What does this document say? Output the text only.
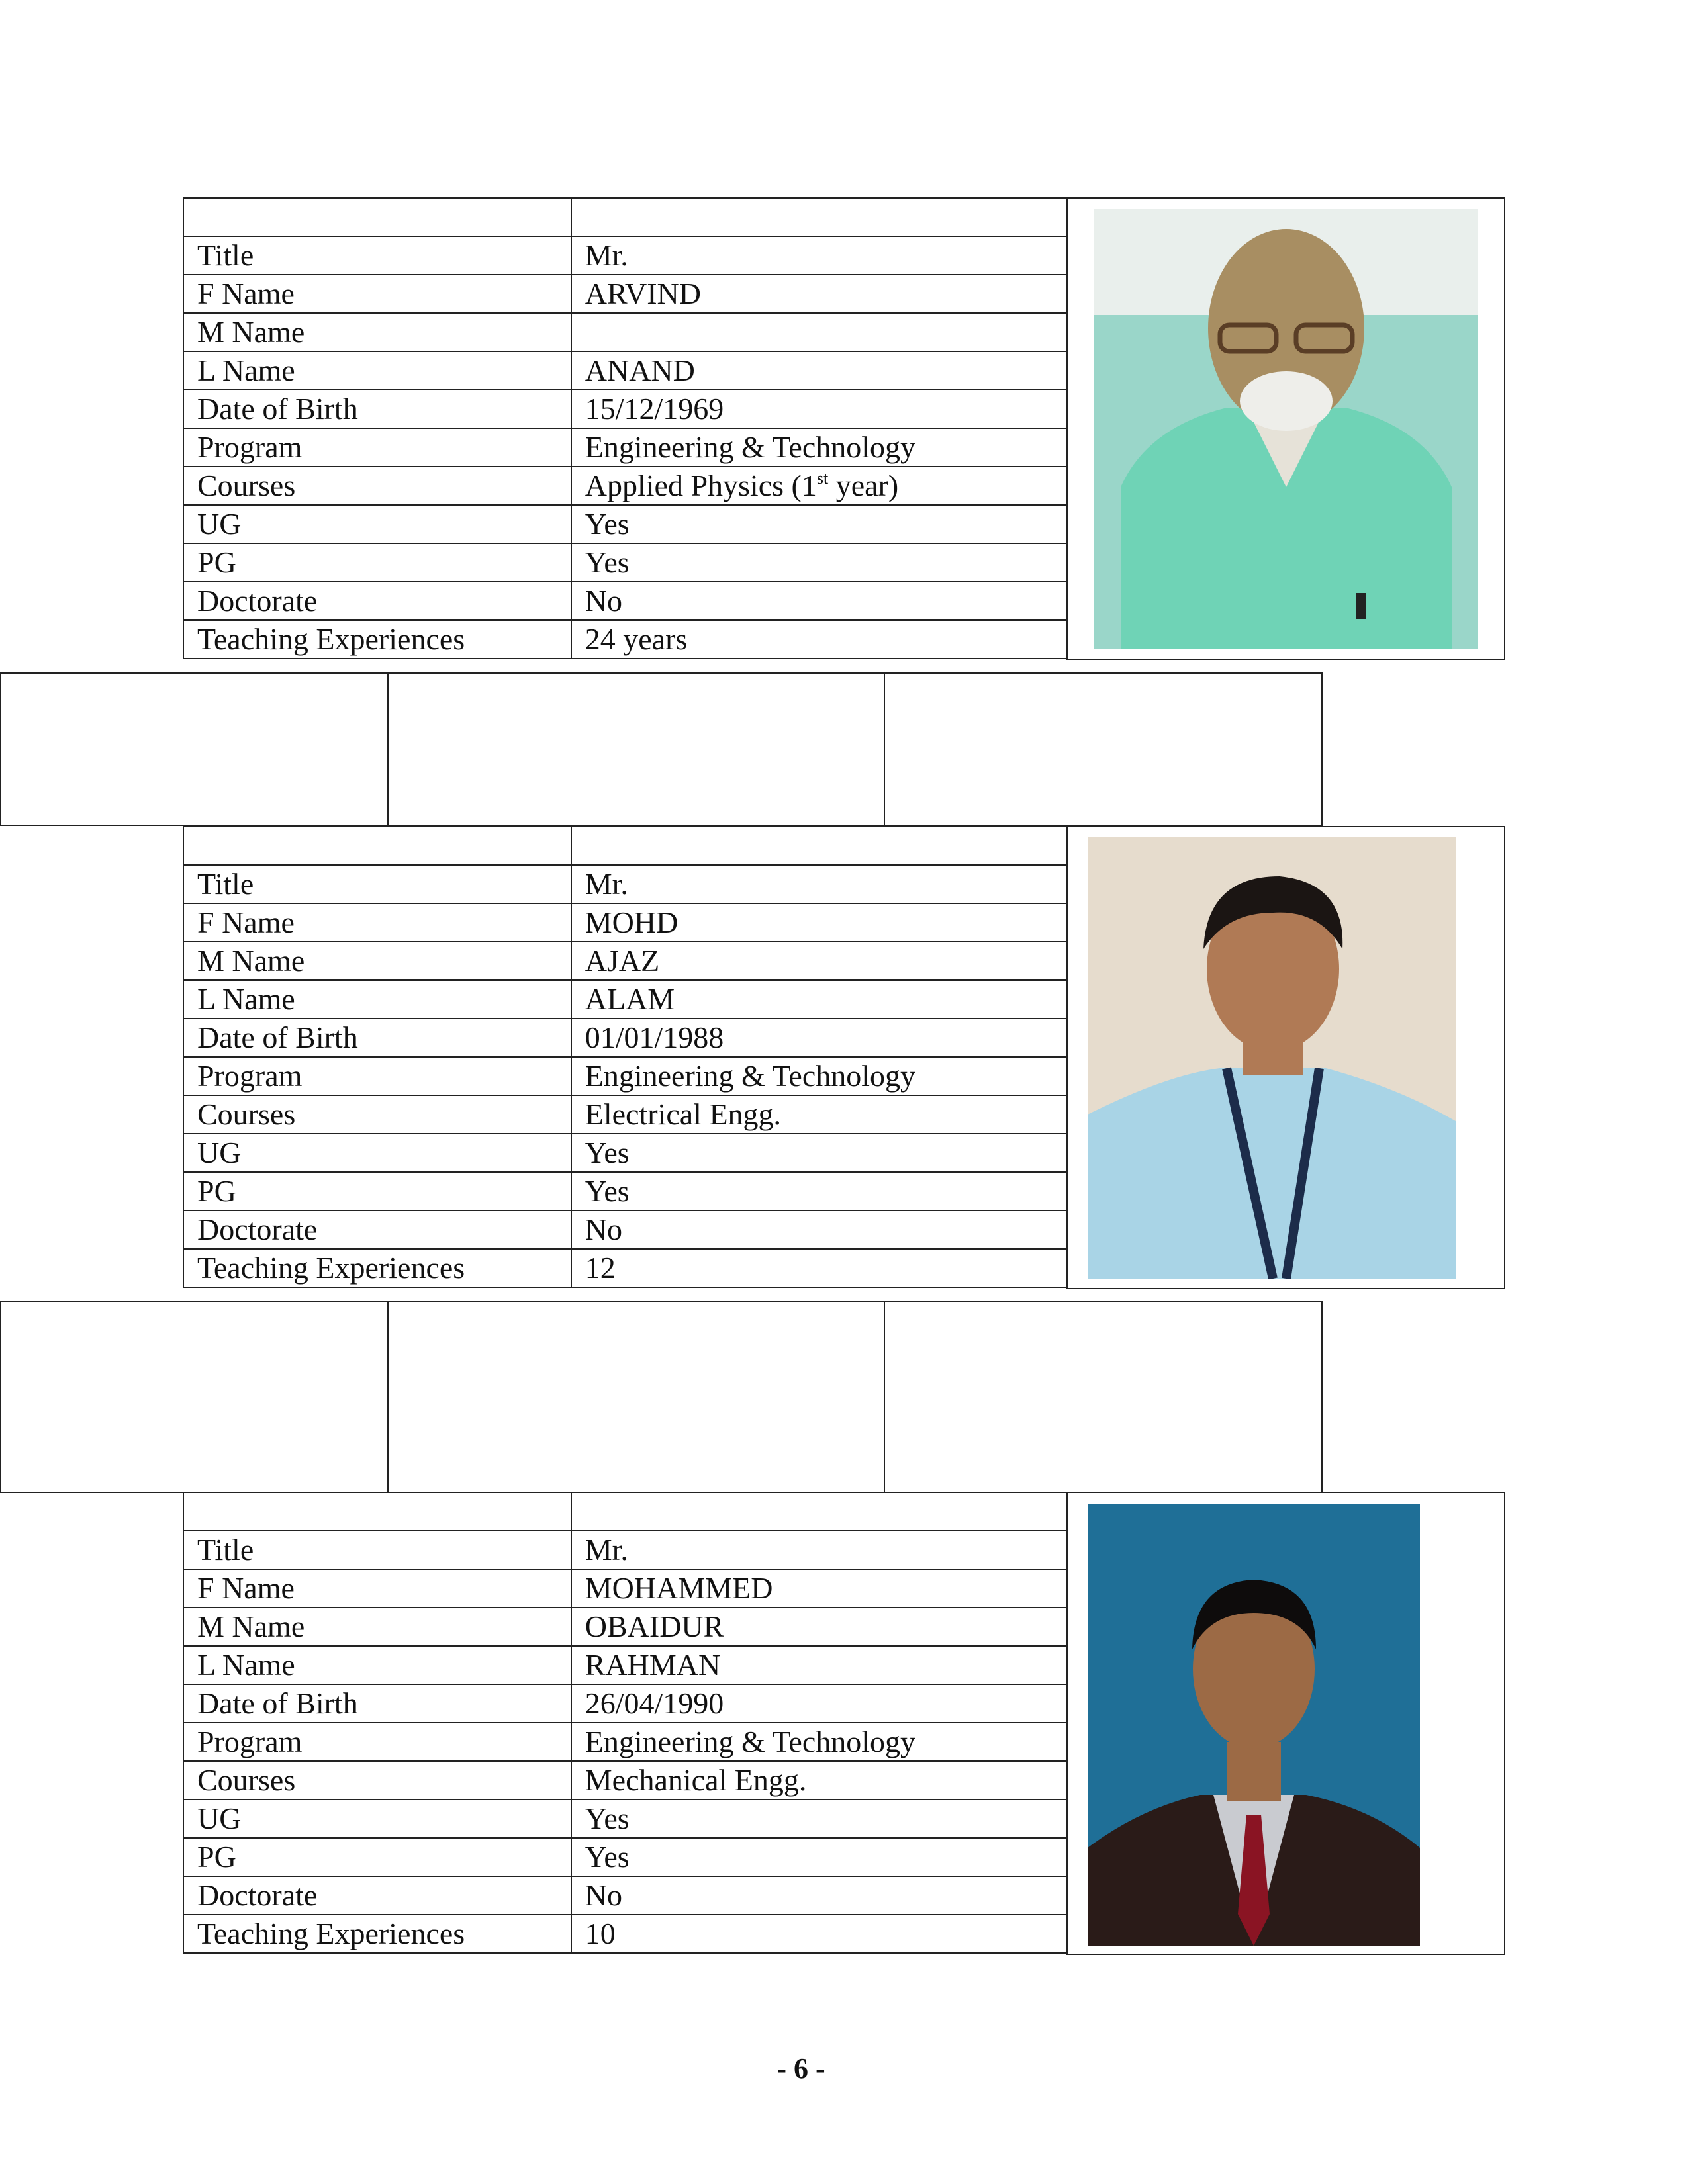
Title	Mr.
F Name	ARVIND
M Name	
L Name	ANAND
Date of Birth	15/12/1969
Program	Engineering & Technology
Courses	Applied Physics (1st year)
UG	Yes
PG	Yes
Doctorate	No
Teaching Experiences	24 years

Title	Mr.
F Name	MOHD
M Name	AJAZ
L Name	ALAM
Date of Birth	01/01/1988
Program	Engineering & Technology
Courses	Electrical Engg.
UG	Yes
PG	Yes
Doctorate	No
Teaching Experiences	12

Title	Mr.
F Name	MOHAMMED
M Name	OBAIDUR
L Name	RAHMAN
Date of Birth	26/04/1990
Program	Engineering & Technology
Courses	Mechanical Engg.
UG	Yes
PG	Yes
Doctorate	No
Teaching Experiences	10
- 6 -
